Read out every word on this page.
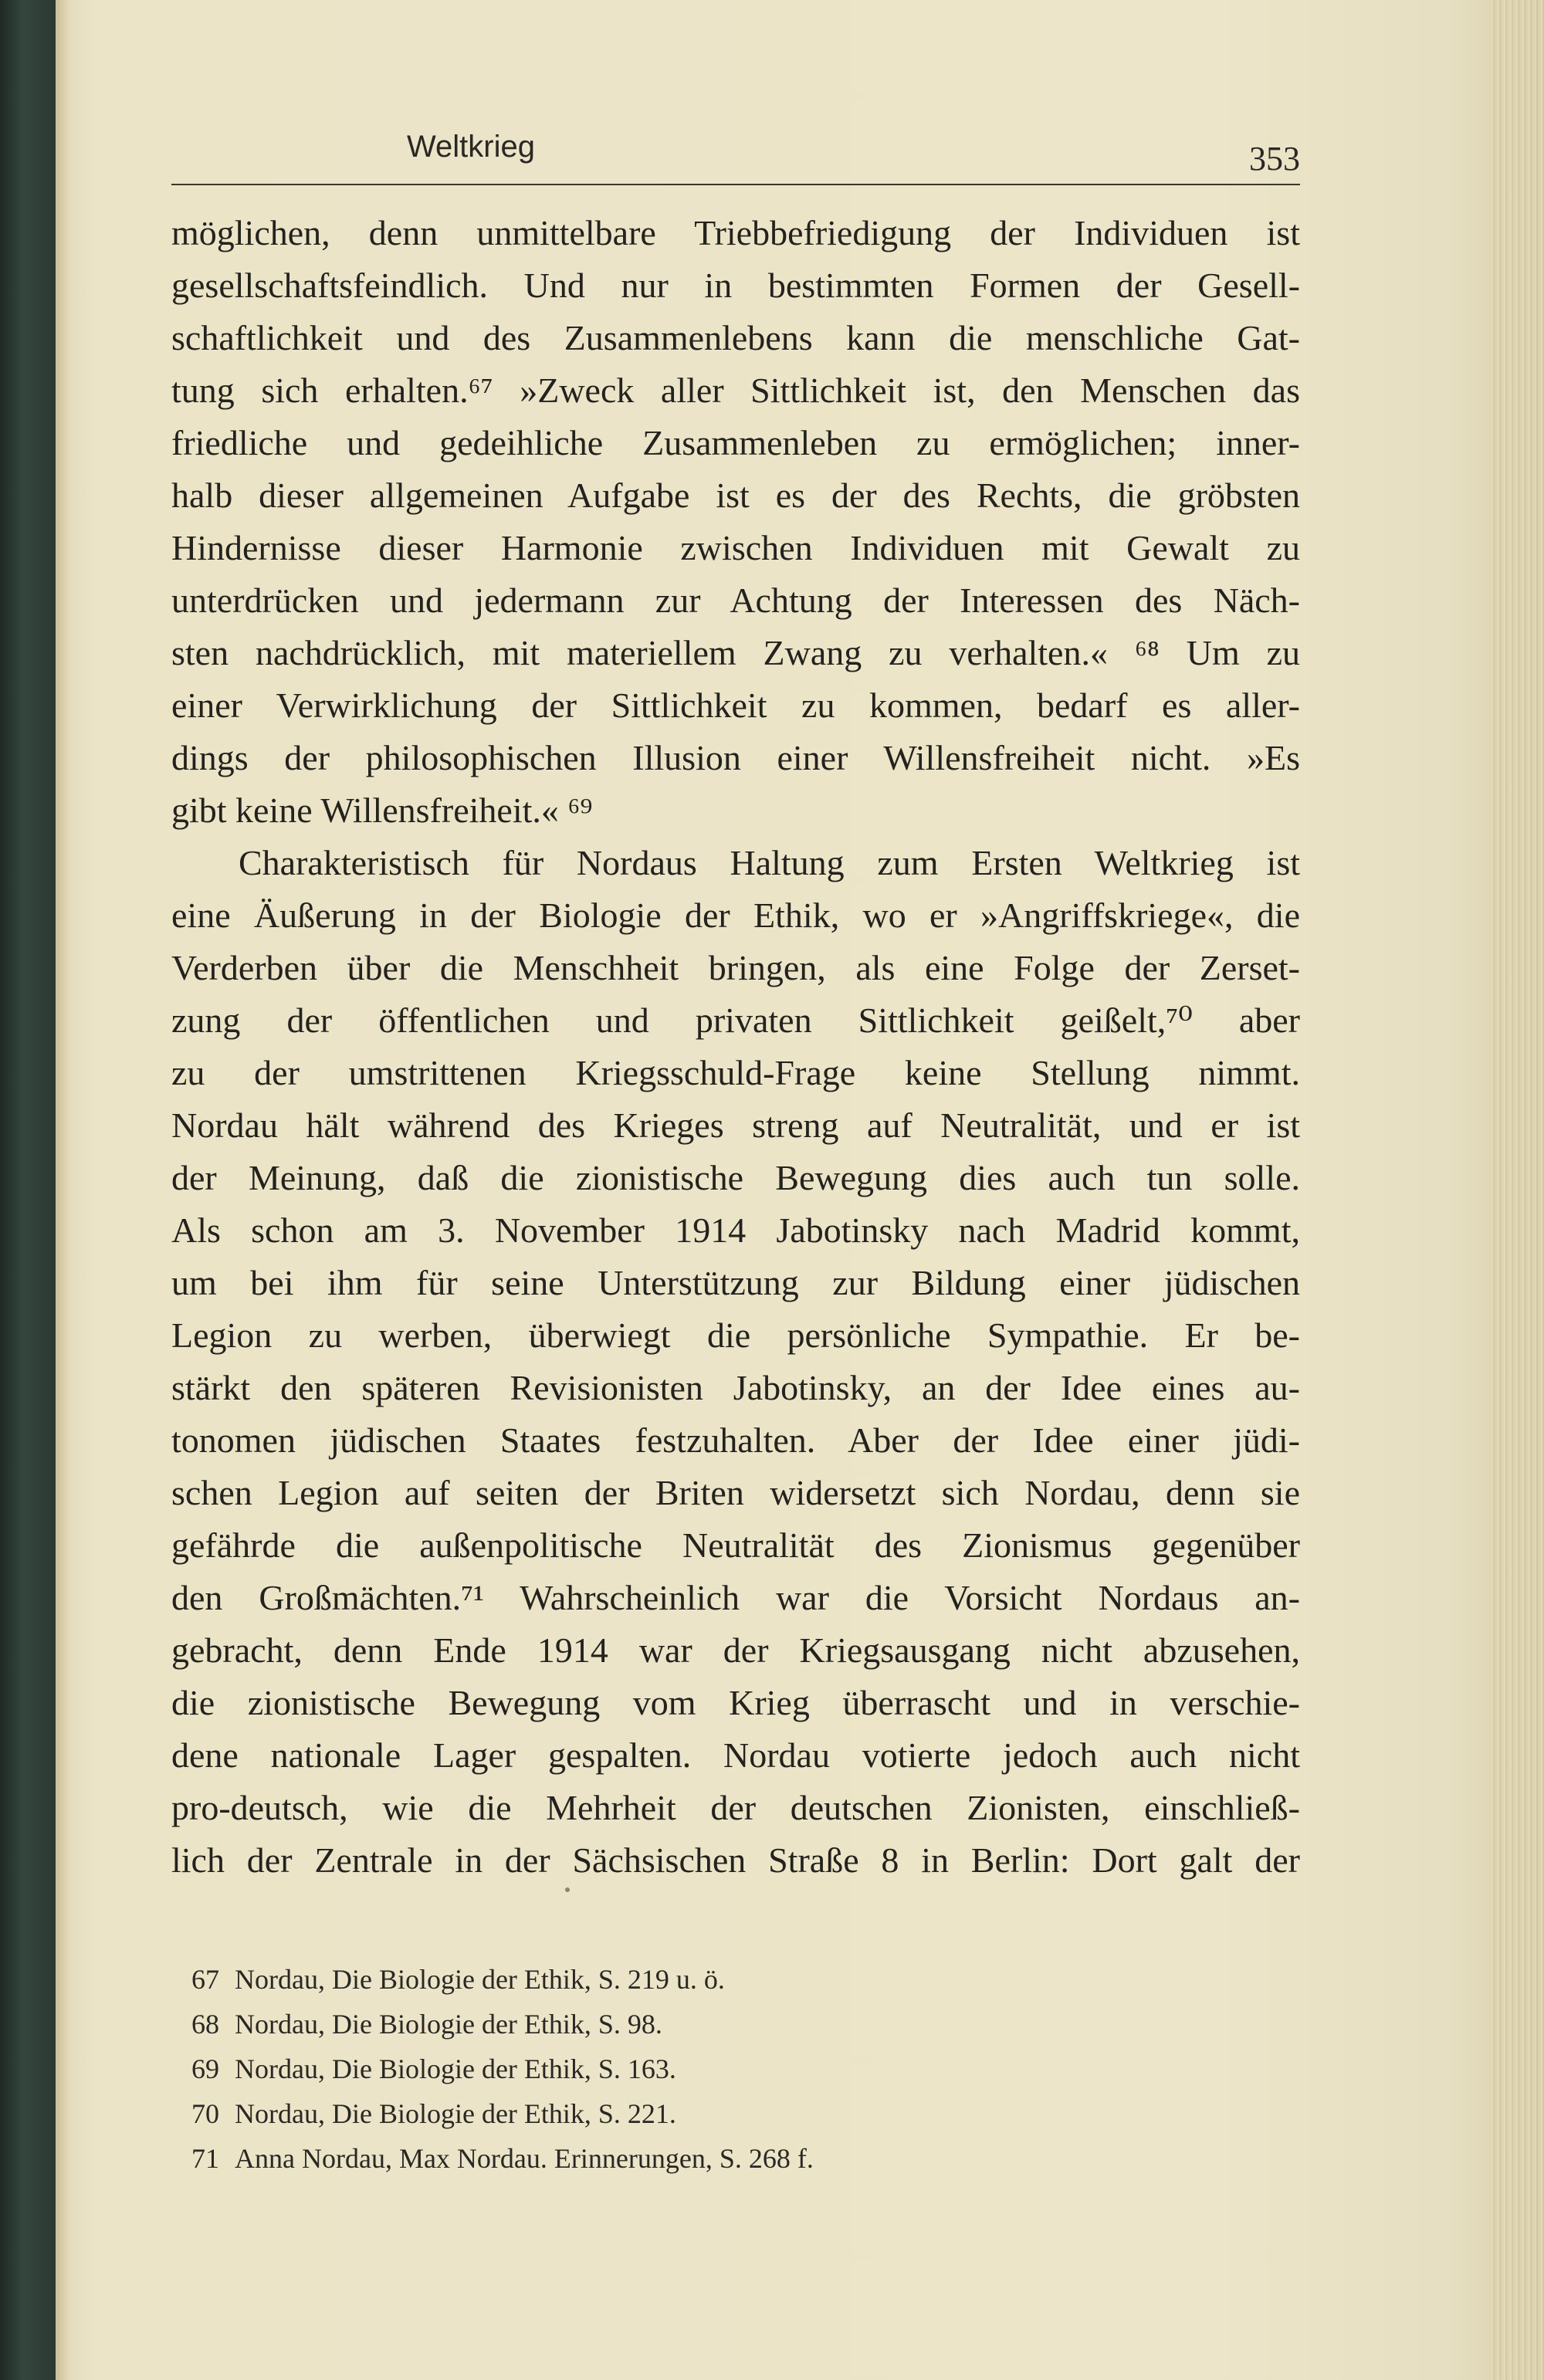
Weltkrieg	353
möglichen, denn unmittelbare Triebbefriedigung der Individuen ist
gesellschaftsfeindlich. Und nur in bestimmten Formen der Gesell-
schaftlichkeit und des Zusammenlebens kann die menschliche Gat-
tung sich erhalten.⁶⁷ »Zweck aller Sittlichkeit ist, den Menschen das
friedliche und gedeihliche Zusammenleben zu ermöglichen; inner-
halb dieser allgemeinen Aufgabe ist es der des Rechts, die gröbsten
Hindernisse dieser Harmonie zwischen Individuen mit Gewalt zu
unterdrücken und jedermann zur Achtung der Interessen des Näch-
sten nachdrücklich, mit materiellem Zwang zu verhalten.« ⁶⁸ Um zu
einer Verwirklichung der Sittlichkeit zu kommen, bedarf es aller-
dings der philosophischen Illusion einer Willensfreiheit nicht. »Es
gibt keine Willensfreiheit.« ⁶⁹
Charakteristisch für Nordaus Haltung zum Ersten Weltkrieg ist
eine Äußerung in der Biologie der Ethik, wo er »Angriffskriege«, die
Verderben über die Menschheit bringen, als eine Folge der Zerset-
zung der öffentlichen und privaten Sittlichkeit geißelt,⁷⁰ aber
zu der umstrittenen Kriegsschuld-Frage keine Stellung nimmt.
Nordau hält während des Krieges streng auf Neutralität, und er ist
der Meinung, daß die zionistische Bewegung dies auch tun solle.
Als schon am 3. November 1914 Jabotinsky nach Madrid kommt,
um bei ihm für seine Unterstützung zur Bildung einer jüdischen
Legion zu werben, überwiegt die persönliche Sympathie. Er be-
stärkt den späteren Revisionisten Jabotinsky, an der Idee eines au-
tonomen jüdischen Staates festzuhalten. Aber der Idee einer jüdi-
schen Legion auf seiten der Briten widersetzt sich Nordau, denn sie
gefährde die außenpolitische Neutralität des Zionismus gegenüber
den Großmächten.⁷¹ Wahrscheinlich war die Vorsicht Nordaus an-
gebracht, denn Ende 1914 war der Kriegsausgang nicht abzusehen,
die zionistische Bewegung vom Krieg überrascht und in verschie-
dene nationale Lager gespalten. Nordau votierte jedoch auch nicht
pro-deutsch, wie die Mehrheit der deutschen Zionisten, einschließ-
lich der Zentrale in der Sächsischen Straße 8 in Berlin: Dort galt der
67 Nordau, Die Biologie der Ethik, S. 219 u. ö.
68 Nordau, Die Biologie der Ethik, S. 98.
69 Nordau, Die Biologie der Ethik, S. 163.
70 Nordau, Die Biologie der Ethik, S. 221.
71 Anna Nordau, Max Nordau. Erinnerungen, S. 268 f.
